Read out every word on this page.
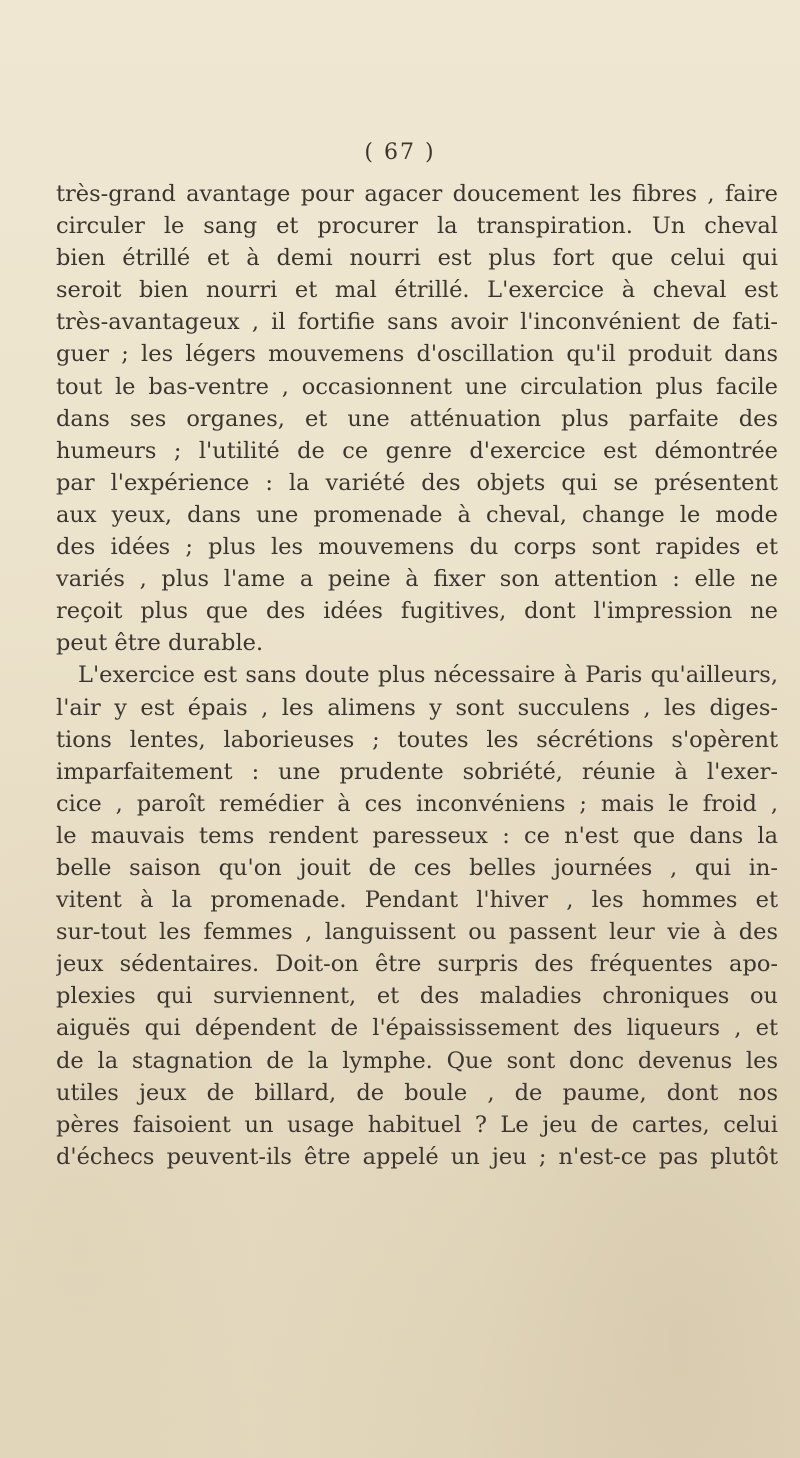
( 67 )
très-grand avantage pour agacer doucement les fibres , faire
circuler le sang et procurer la transpiration. Un cheval
bien étrillé et à demi nourri est plus fort que celui qui
seroit bien nourri et mal étrillé. L'exercice à cheval est
très-avantageux , il fortifie sans avoir l'inconvénient de fati-
guer ; les légers mouvemens d'oscillation qu'il produit dans
tout le bas-ventre , occasionnent une circulation plus facile
dans ses organes, et une atténuation plus parfaite des
humeurs ; l'utilité de ce genre d'exercice est démontrée
par l'expérience : la variété des objets qui se présentent
aux yeux, dans une promenade à cheval, change le mode
des idées ; plus les mouvemens du corps sont rapides et
variés , plus l'ame a peine à fixer son attention : elle ne
reçoit plus que des idées fugitives, dont l'impression ne
peut être durable.
L'exercice est sans doute plus nécessaire à Paris qu'ailleurs,
l'air y est épais , les alimens y sont succulens , les diges-
tions lentes, laborieuses ; toutes les sécrétions s'opèrent
imparfaitement : une prudente sobriété, réunie à l'exer-
cice , paroît remédier à ces inconvéniens ; mais le froid ,
le mauvais tems rendent paresseux : ce n'est que dans la
belle saison qu'on jouit de ces belles journées , qui in-
vitent à la promenade. Pendant l'hiver , les hommes et
sur-tout les femmes , languissent ou passent leur vie à des
jeux sédentaires. Doit-on être surpris des fréquentes apo-
plexies qui surviennent, et des maladies chroniques ou
aiguës qui dépendent de l'épaississement des liqueurs , et
de la stagnation de la lymphe. Que sont donc devenus les
utiles jeux de billard, de boule , de paume, dont nos
pères faisoient un usage habituel ? Le jeu de cartes, celui
d'échecs peuvent-ils être appelé un jeu ; n'est-ce pas plutôt
